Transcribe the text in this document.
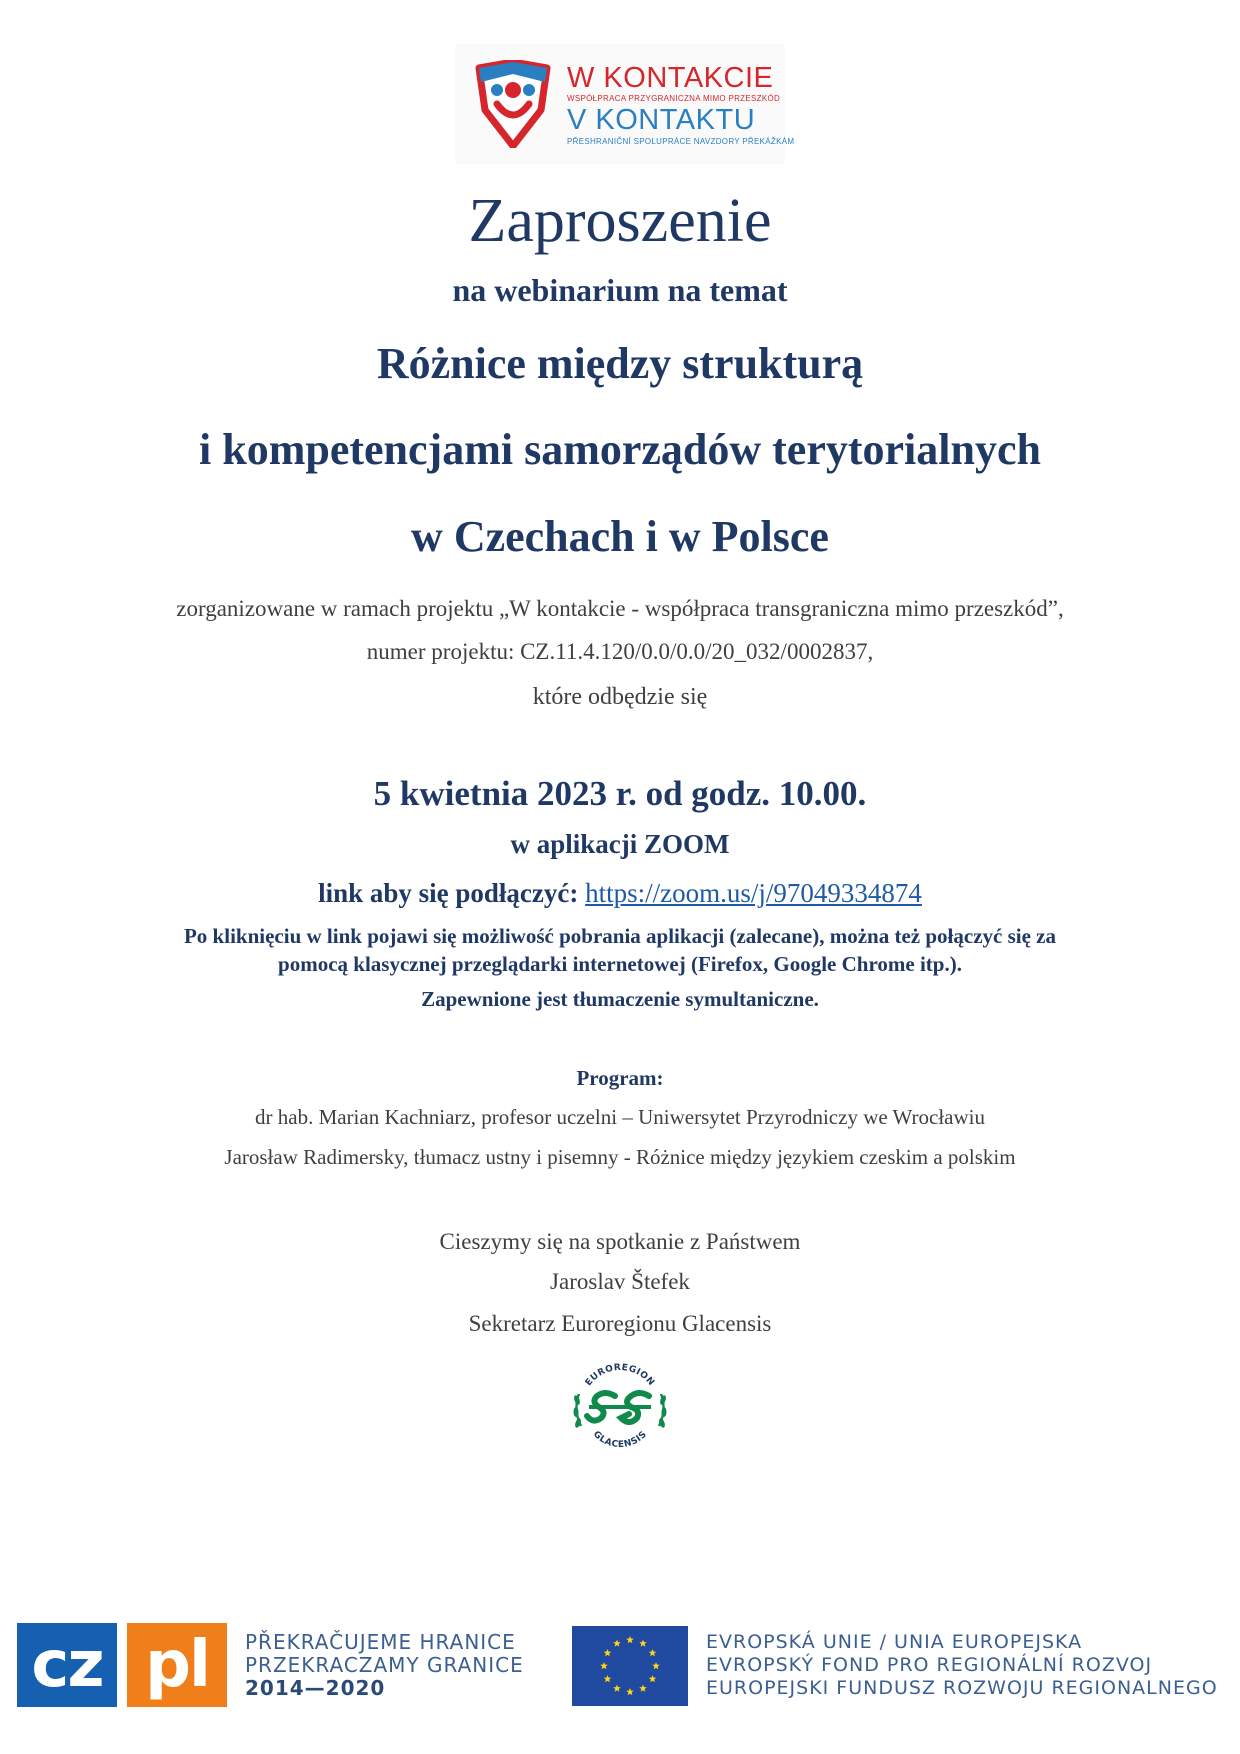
W KONTAKCIE
WSPÓŁPRACA PRZYGRANICZNA MIMO PRZESZKÓD
V KONTAKTU
PŘESHRANIČNÍ SPOLUPRÁCE NAVZDORY PŘEKÁŽKÁM
Zaproszenie
na webinarium na temat
Różnice między strukturą
i kompetencjami samorządów terytorialnych
w Czechach i w Polsce
zorganizowane w ramach projektu „W kontakcie - współpraca transgraniczna mimo przeszkód”,
numer projektu: CZ.11.4.120/0.0/0.0/20_032/0002837,
które odbędzie się
5 kwietnia 2023 r. od godz. 10.00.
w aplikacji ZOOM
link aby się podłączyć: https://zoom.us/j/97049334874
Po kliknięciu w link pojawi się możliwość pobrania aplikacji (zalecane), można też połączyć się za
pomocą klasycznej przeglądarki internetowej (Firefox, Google Chrome itp.).
Zapewnione jest tłumaczenie symultaniczne.
Program:
dr hab. Marian Kachniarz, profesor uczelni – Uniwersytet Przyrodniczy we Wrocławiu
Jarosław Radimersky, tłumacz ustny i pisemny - Różnice między językiem czeskim a polskim
Cieszymy się na spotkanie z Państwem
Jaroslav Štefek
Sekretarz Euroregionu Glacensis
EUROREGION
GLACENSIS
cz pl	PŘEKRAČUJEME HRANICE
PRZEKRACZAMY GRANICE
2014—2020
EVROPSKÁ UNIE / UNIA EUROPEJSKA
EVROPSKÝ FOND PRO REGIONÁLNÍ ROZVOJ
EUROPEJSKI FUNDUSZ ROZWOJU REGIONALNEGO
